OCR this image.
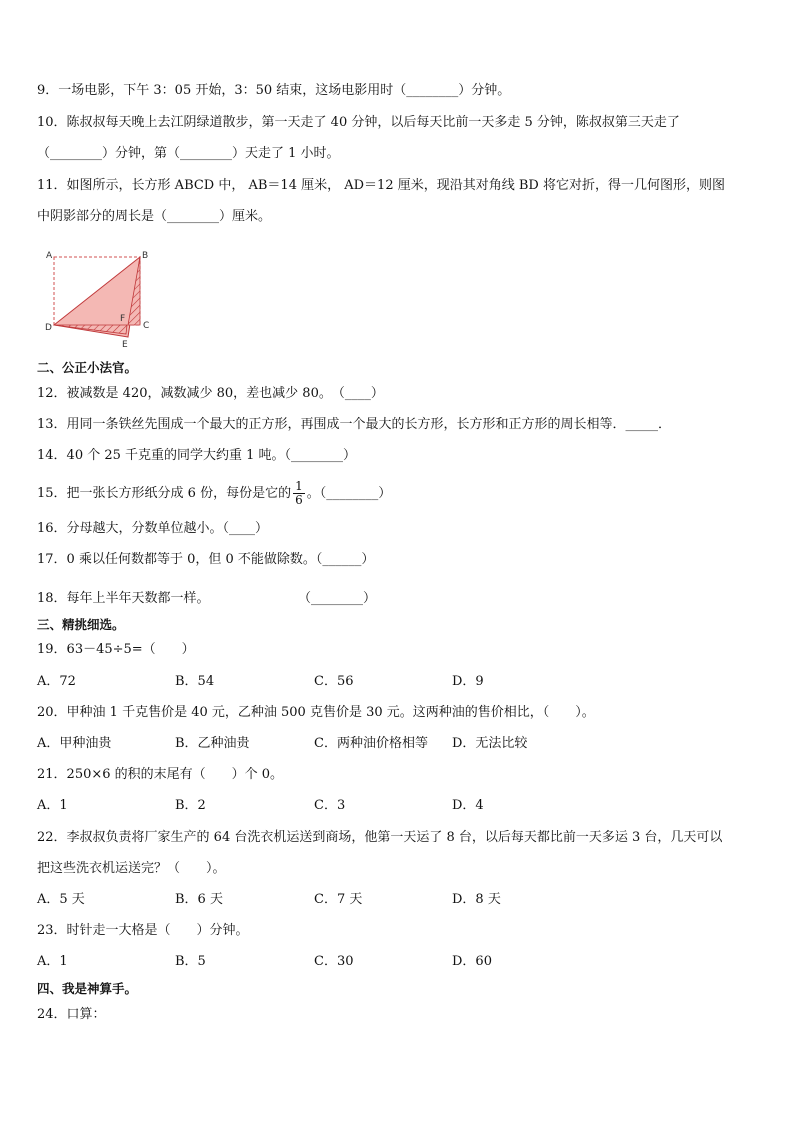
9．一场电影，下午 3：05 开始，3：50 结束，这场电影用时（________）分钟。
10．陈叔叔每天晚上去江阴绿道散步，第一天走了 40 分钟，以后每天比前一天多走 5 分钟，陈叔叔第三天走了
（________）分钟，第（________）天走了 1 小时。
11．如图所示，长方形 ABCD 中， AB＝14 厘米， AD＝12 厘米，现沿其对角线 BD 将它对折，得一几何图形，则图
中阴影部分的周长是（________）厘米。
A	B
C
D
E
F
二、公正小法官。
12．被减数是 420，减数减少 80，差也减少 80。　（____）
13．用同一条铁丝先围成一个最大的正方形，再围成一个最大的长方形，长方形和正方形的周长相等．_____．
14．40 个 25 千克重的同学大约重 1 吨。（________）
15．把一张长方形纸分成 6 份，每份是它的 $\frac{1}{6}$ 。（________）
16．分母越大，分数单位越小。（____）
17．0 乘以任何数都等于 0，但 0 不能做除数。（______）
18．每年上半年天数都一样。	（________）
三、精挑细选。
19．63－45÷5=（　　）
A．72	B．54	C．56	D．9
20．甲种油 1 千克售价是 40 元，乙种油 500 克售价是 30 元。这两种油的售价相比，（　　）。
A．甲种油贵	B．乙种油贵	C．两种油价格相等 D．无法比较
21．250×6 的积的末尾有（　　）个 0。
A．1	B．2	C．3	D．4
22．李叔叔负责将厂家生产的 64 台洗衣机运送到商场，他第一天运了 8 台，以后每天都比前一天多运 3 台，几天可以
把这些洗衣机运送完？（　　）。
A．5 天	B．6 天	C．7 天	D．8 天
23．时针走一大格是（　　）分钟。
A．1	B．5	C．30	D．60
四、我是神算手。
24．口算：
